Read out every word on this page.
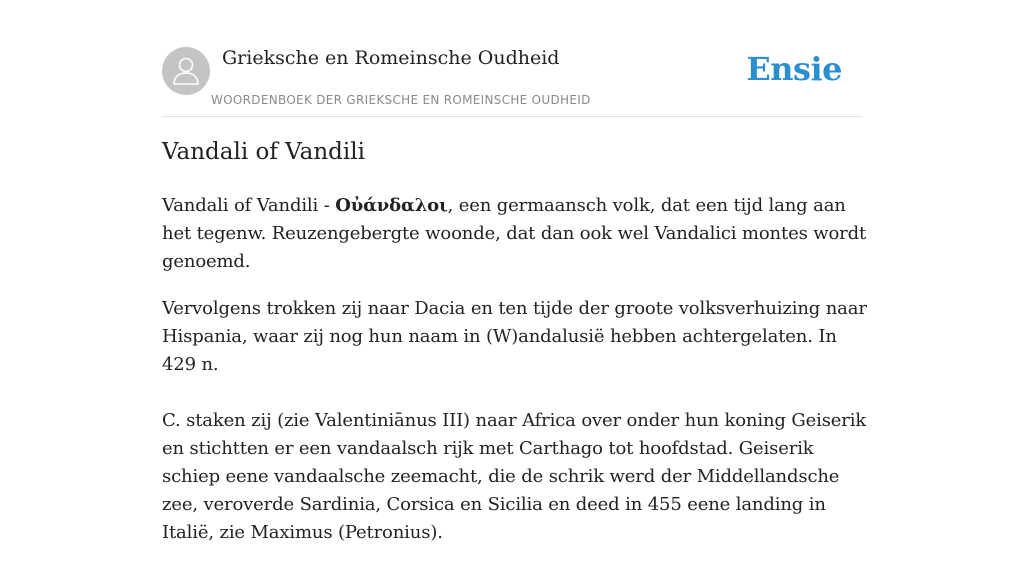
Grieksche en Romeinsche Oudheid
WOORDENBOEK DER GRIEKSCHE EN ROMEINSCHE OUDHEID
Ensie
Vandali of Vandili

Vandali of Vandili - Οὐάνδαλοι, een germaansch volk, dat een tijd lang aan het tegenw. Reuzengebergte woonde, dat dan ook wel Vandalici montes wordt genoemd.

Vervolgens trokken zij naar Dacia en ten tijde der groote volksverhuizing naar Hispania, waar zij nog hun naam in (W)andalusië hebben achtergelaten. In 429 n.

C. staken zij (zie Valentiniānus III) naar Africa over onder hun koning Geiserik en stichtten er een vandaalsch rijk met Carthago tot hoofdstad. Geiserik schiep eene vandaalsche zeemacht, die de schrik werd der Middellandsche zee, veroverde Sardinia, Corsica en Sicilia en deed in 455 eene landing in Italië, zie Maximus (Petronius).
